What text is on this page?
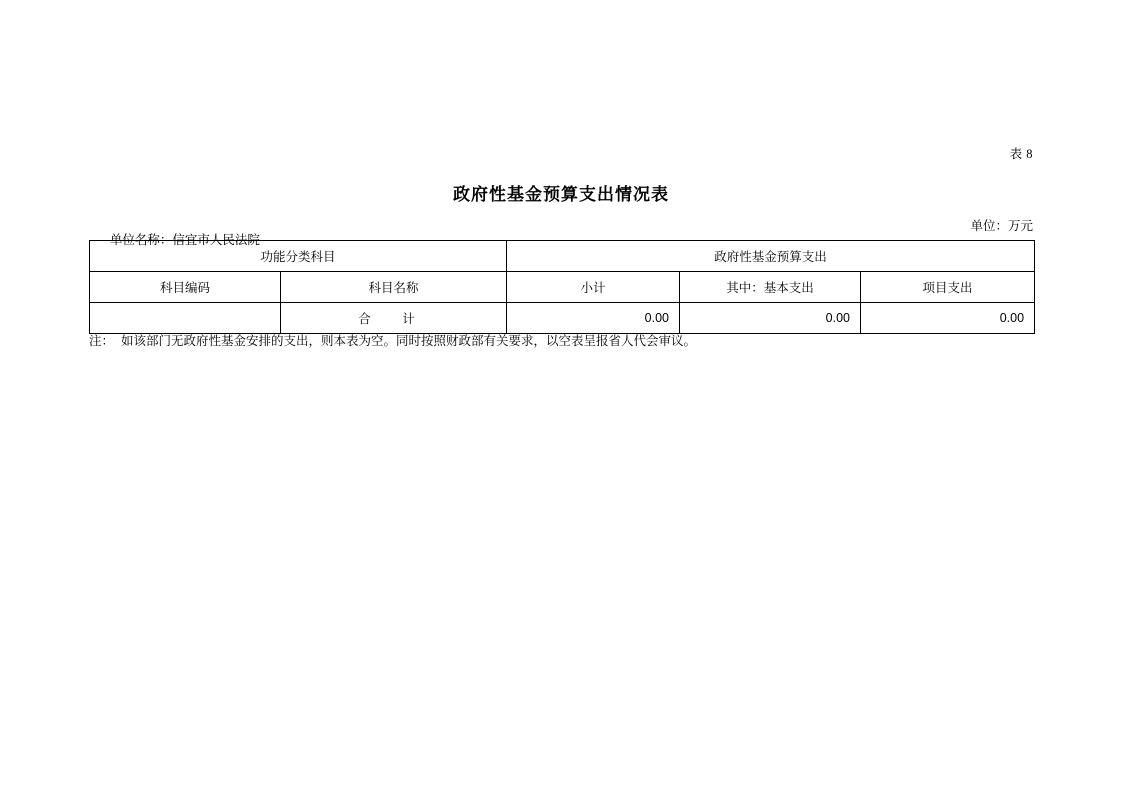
表 8
政府性基金预算支出情况表

单位名称：信宜市人民法院

单位：万元
功能分类科目		政府性基金预算支出		
科目编码	科目名称	小计	其中：基本支出	项目支出
	合 计	0.00	0.00	0.00
注：  如该部门无政府性基金安排的支出，则本表为空。同时按照财政部有关要求，以空表呈报省人代会审议。
